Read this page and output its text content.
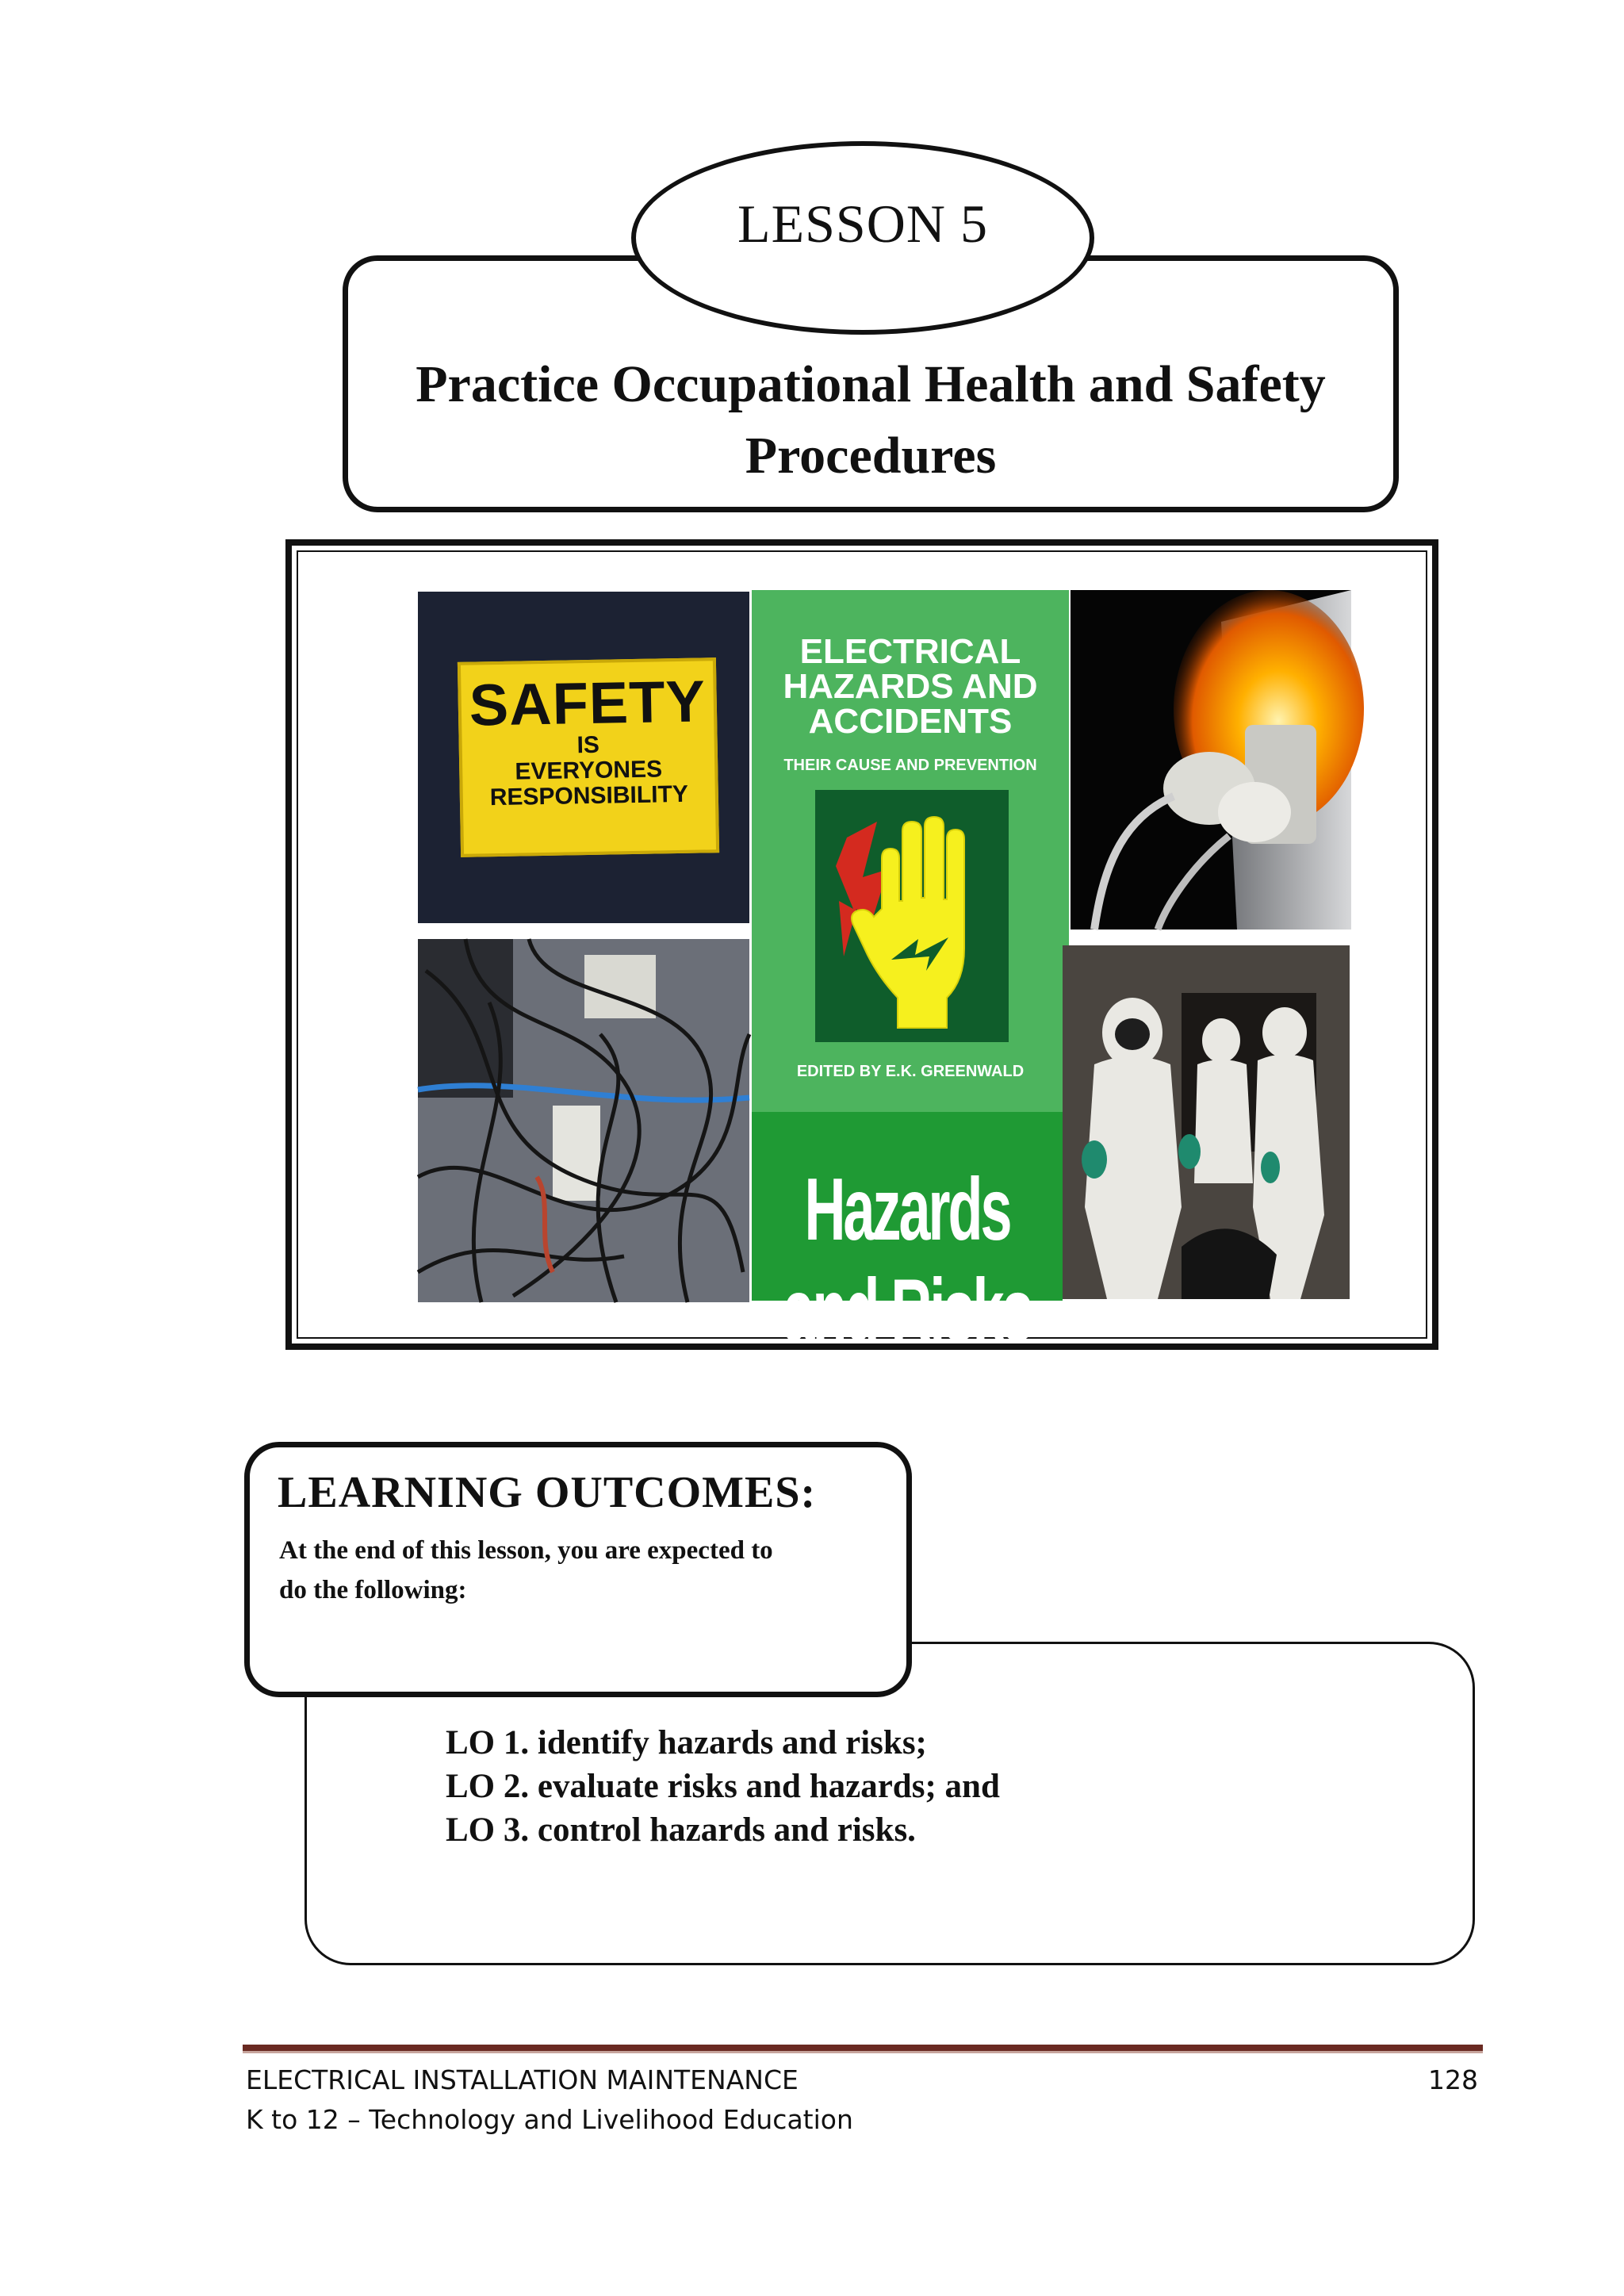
LESSON 5
Practice Occupational Health and Safety
Procedures
SAFETY
IS
EVERYONES
RESPONSIBILITY
ELECTRICAL
HAZARDS AND
ACCIDENTS
THEIR CAUSE AND PREVENTION
EDITED BY E.K. GREENWALD
Hazards and Risks
LEARNING OUTCOMES:
At the end of this lesson, you are expected to
do the following:
LO 1. identify hazards and risks;
LO 2. evaluate risks and hazards; and
LO 3. control hazards and risks.
ELECTRICAL INSTALLATION MAINTENANCE
K to 12 – Technology and Livelihood Education
128
